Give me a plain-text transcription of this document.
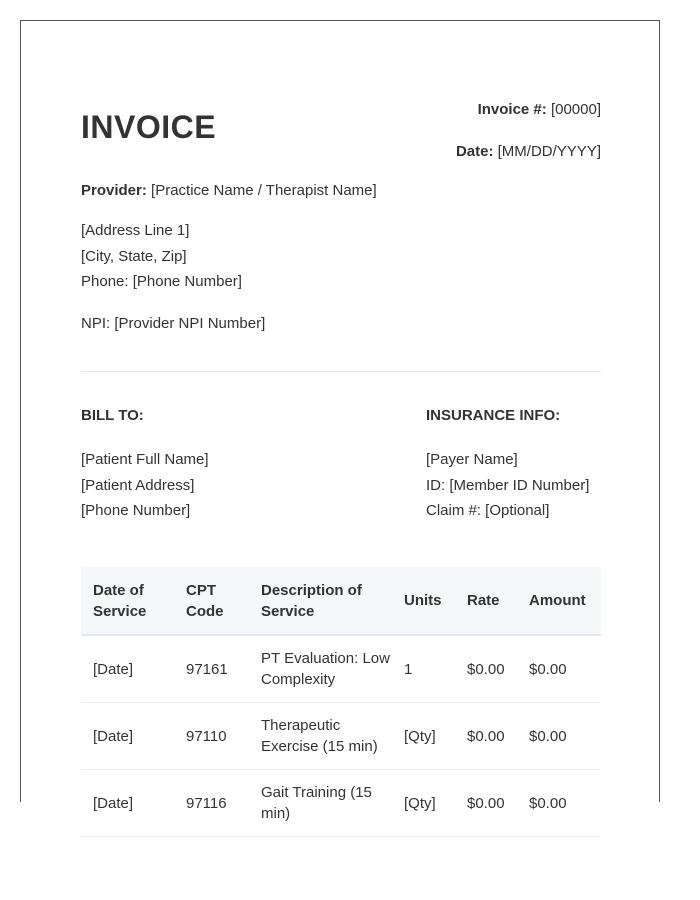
INVOICE	Invoice #: [00000]
Date: [MM/DD/YYYY]
Provider: [Practice Name / Therapist Name]
[Address Line 1]
[City, State, Zip]
Phone: [Phone Number]
NPI: [Provider NPI Number]
BILL TO:	INSURANCE INFO:
[Patient Full Name]
[Patient Address]
[Phone Number]
[Payer Name]
ID: [Member ID Number]
Claim #: [Optional]
Date of Service	CPT Code	Description of Service	Units	Rate	Amount
[Date]	97161	PT Evaluation: Low Complexity	1	$0.00	$0.00
[Date]	97110	Therapeutic Exercise (15 min)	[Qty]	$0.00	$0.00
[Date]	97116	Gait Training (15 min)	[Qty]	$0.00	$0.00
